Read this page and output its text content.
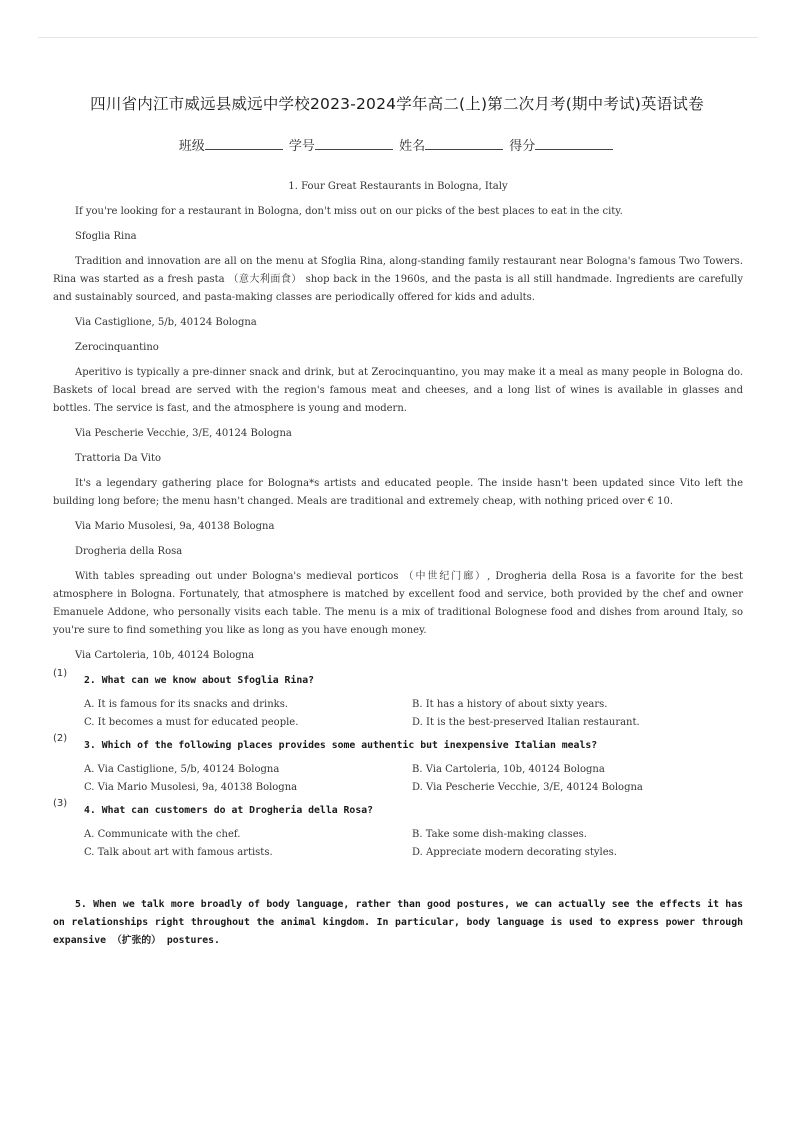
四川省内江市威远县威远中学校2023-2024学年高二(上)第二次月考(期中考试)英语试卷
班级	学号	姓名	得分
1. Four Great Restaurants in Bologna, Italy

If you're looking for a restaurant in Bologna, don't miss out on our picks of the best places to eat in the city.

Sfoglia Rina

Tradition and innovation are all on the menu at Sfoglia Rina, along-standing family restaurant near Bologna's famous Two Towers. Rina was started as a fresh pasta （意大利面食） shop back in the 1960s, and the pasta is all still handmade. Ingredients are carefully and sustainably sourced, and pasta-making classes are periodically offered for kids and adults.

Via Castiglione, 5/b, 40124 Bologna

Zerocinquantino

Aperitivo is typically a pre-dinner snack and drink, but at Zerocinquantino, you may make it a meal as many people in Bologna do. Baskets of local bread are served with the region's famous meat and cheeses, and a long list of wines is available in glasses and bottles. The service is fast, and the atmosphere is young and modern.

Via Pescherie Vecchie, 3/E, 40124 Bologna

Trattoria Da Vito

It's a legendary gathering place for Bologna*s artists and educated people. The inside hasn't been updated since Vito left the building long before; the menu hasn't changed. Meals are traditional and extremely cheap, with nothing priced over € 10.

Via Mario Musolesi, 9a, 40138 Bologna

Drogheria della Rosa

With tables spreading out under Bologna's medieval porticos （中世纪门廊）, Drogheria della Rosa is a favorite for the best atmosphere in Bologna. Fortunately, that atmosphere is matched by excellent food and service, both provided by the chef and owner Emanuele Addone, who personally visits each table. The menu is a mix of traditional Bolognese food and dishes from around Italy, so you're sure to find something you like as long as you have enough money.

Via Cartoleria, 10b, 40124 Bologna

(1)
2. What can we know about Sfoglia Rina?
A. It is famous for its snacks and drinks.	B. It has a history of about sixty years.
C. It becomes a must for educated people.	D. It is the best-preserved Italian restaurant.
(2)
3. Which of the following places provides some authentic but inexpensive Italian meals?
A. Via Castiglione, 5/b, 40124 Bologna	B. Via Cartoleria, 10b, 40124 Bologna
C. Via Mario Musolesi, 9a, 40138 Bologna	D. Via Pescherie Vecchie, 3/E, 40124 Bologna
(3)
4. What can customers do at Drogheria della Rosa?
A. Communicate with the chef.	B. Take some dish-making classes.
C. Talk about art with famous artists.	D. Appreciate modern decorating styles.

5. When we talk more broadly of body language, rather than good postures, we can actually see the effects it has on relationships right throughout the animal kingdom. In particular, body language is used to express power through expansive （扩张的） postures.
